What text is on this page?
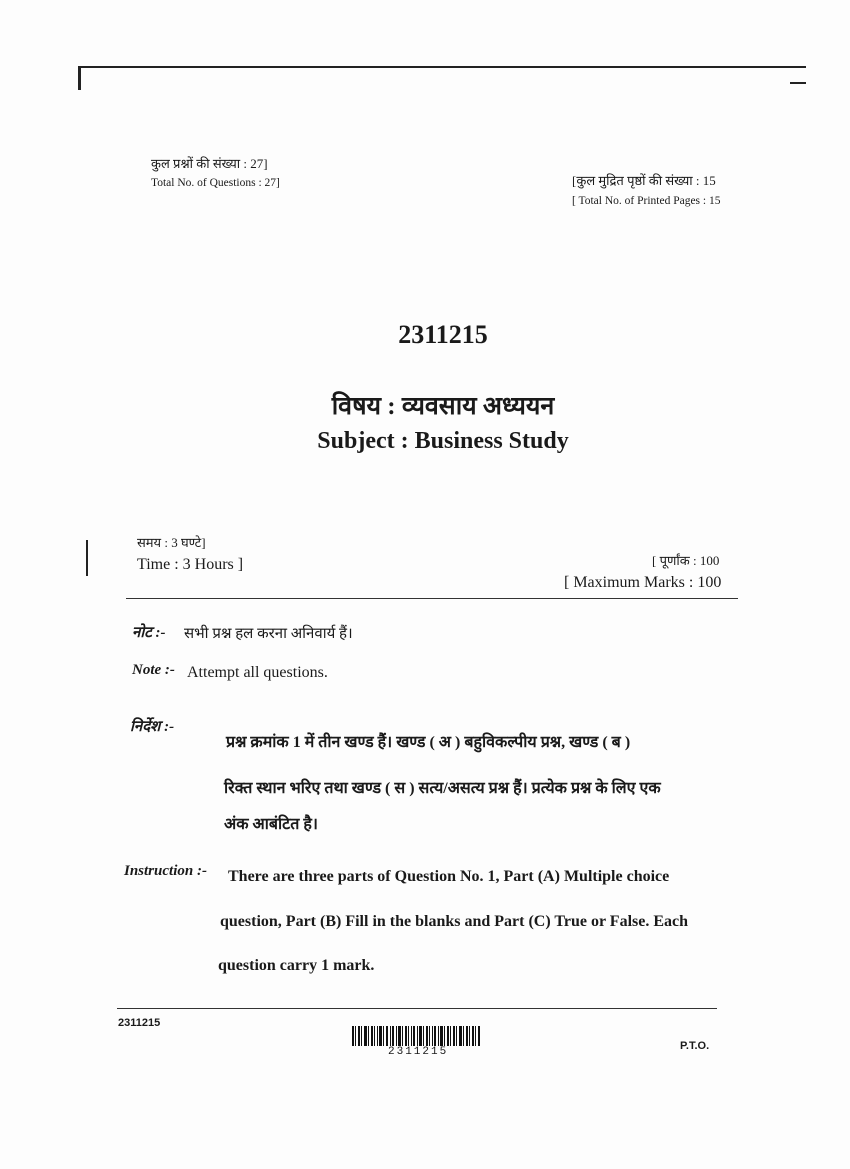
कुल प्रश्नों की संख्या : 27]
Total No. of Questions : 27]	[कुल मुद्रित पृष्ठों की संख्या : 15
[ Total No. of Printed Pages : 15
2311215
विषय : व्यवसाय अध्ययन
Subject : Business Study
समय : 3 घण्टे]
Time : 3 Hours ]	[ पूर्णांक : 100
[ Maximum Marks : 100
नोट :- सभी प्रश्न हल करना अनिवार्य हैं।
Note :- Attempt all questions.
निर्देश :-
प्रश्न क्रमांक 1 में तीन खण्ड हैं। खण्ड ( अ ) बहुविकल्पीय प्रश्न, खण्ड ( ब )
रिक्त स्थान भरिए तथा खण्ड ( स ) सत्य/असत्य प्रश्न हैं। प्रत्येक प्रश्न के लिए एक
अंक आबंटित है।
Instruction :- There are three parts of Question No. 1, Part (A) Multiple choice
question, Part (B) Fill in the blanks and Part (C) True or False. Each
question carry 1 mark.
2311215
2311215	P.T.O.
